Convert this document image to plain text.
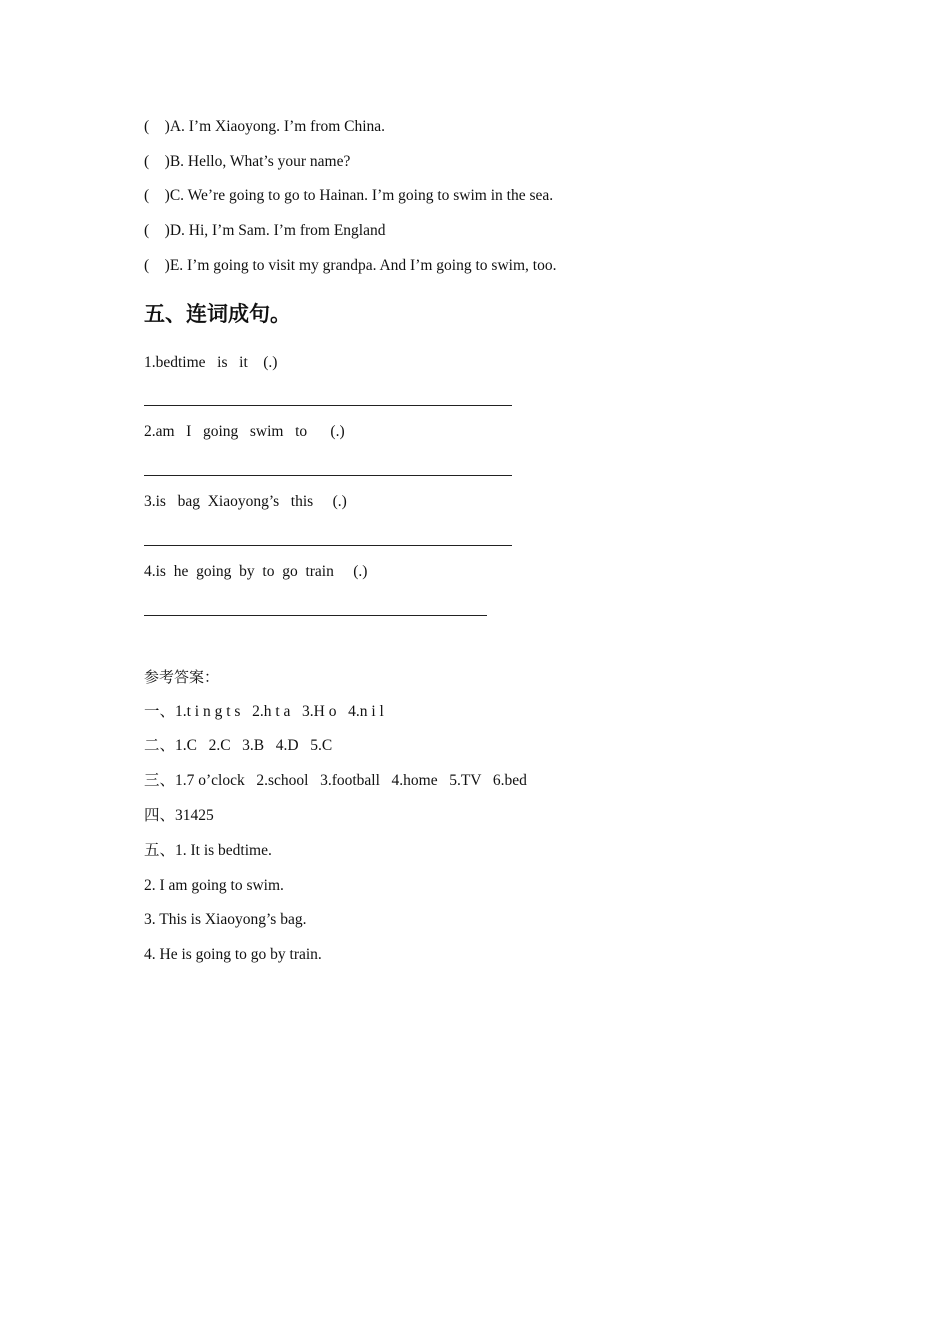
(    )A. I’m Xiaoyong. I’m from China.
(    )B. Hello, What’s your name?
(    )C. We’re going to go to Hainan. I’m going to swim in the sea.
(    )D. Hi, I’m Sam. I’m from England
(    )E. I’m going to visit my grandpa. And I’m going to swim, too.
五、连词成句。
1.bedtime   is   it    (.)
2.am   I   going   swim   to      (.)
3.is   bag  Xiaoyong’s   this     (.)
4.is  he  going  by  to  go  train     (.)
参考答案：
一、1.t i n g t s   2.h t a   3.H o   4.n i l
二、1.C   2.C   3.B   4.D   5.C
三、1.7 o’clock   2.school   3.football   4.home   5.TV   6.bed
四、31425
五、1. It is bedtime.
2. I am going to swim.
3. This is Xiaoyong’s bag.
4. He is going to go by train.
